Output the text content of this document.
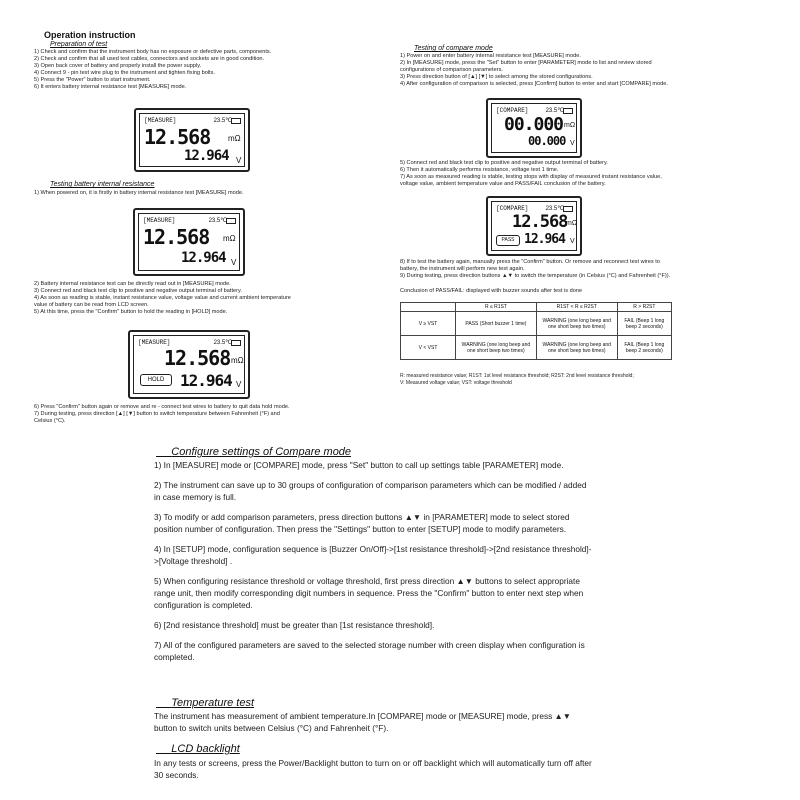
Operation instruction
Preparation of test

1) Check and confirm that the instrument body has no exposure or defective parts, components.

2) Check and confirm that all used test cables, connectors and sockets are in good condition.

3) Open back cover of battery and properly install the power supply.

4) Connect 9 - pin test wire plug to the instrument and tighten fixing bolts.

5) Press the "Power" button to start instrument.

6) It enters battery internal resistance test [MEASURE] mode.

[MEASURE]	23.5℃
12.568 mΩ
12.964 V
Testing battery internal resistance
1) When powered on, it is firstly in battery internal resistance test [MEASURE] mode.
[MEASURE]	23.5℃
12.568 mΩ
12.964 V

2) Battery internal resistance test can be directly read out in [MEASURE] mode.

3) Connect red and black test clip to positive and negative output terminal of battery.

4) As soon as reading is stable, instant resistance value, voltage value and current ambient temperature

value of battery can be read from LCD screen.

5) At this time, press the "Confirm" button to hold the reading in [HOLD] mode.

[MEASURE]	23.5℃
12.568 mΩ
HOLD 12.964 V

6) Press "Confirm" button again or remove and re - connect test wires to battery to quit data hold mode.

7) During testing, press direction [▲] [▼] button to switch temperature between Fahrenheit (°F) and

Celsius (°C).

Testing of compare mode

1) Power on and enter battery internal resistance test [MEASURE] mode.

2) In [MEASURE] mode, press the "Set" button to enter [PARAMETER] mode to list and review stored

configurations of comparison parameters.

3) Press direction button of [▲] [▼] to select among the stored configurations.

4) After configuration of comparison is selected, press [Confirm] button to enter and start [COMPARE] mode.

[COMPARE]	23.5℃
00.000 mΩ
00.000 V

5) Connect red and black test clip to positive and negative output terminal of battery.

6) Then it automatically performs resistance, voltage test 1 time.

7) As soon as measured reading is stable, testing stops with display of measured instant resistance value,

voltage value, ambient temperature value and PASS/FAIL conclusion of the battery.

[COMPARE]	23.5℃
12.568
mΩ
PASS 12.964 V

8) If to test the battery again, manually press the "Confirm" button. Or remove and reconnect test wires to

battery, the instrument will perform new test again.

9) During testing, press direction buttons ▲▼ to switch the temperature (in Celsius (°C) and Fahrenheit (°F)).

Conclusion of PASS/FAIL: displayed with buzzer sounds after test is done
	R ≤ R1ST	R1ST < R ≤ R2ST	R > R2ST
V ≥ VST	PASS (Short buzzer 1 time)	WARNING (one long beep and one short beep two times)	FAIL (Beep 1 long beep 2 seconds)
V < VST	WARNING (one long beep and one short beep two times)	WARNING (one long beep and one short beep two times)	FAIL (Beep 1 long beep 2 seconds)

R: measured resistance value; R1ST: 1st level resistance threshold; R2ST: 2nd level resistance threshold;

V: Measured voltage value; VST: voltage threshold

Configure settings of Compare mode

1) In [MEASURE] mode or [COMPARE] mode, press "Set" button to call up settings table [PARAMETER] mode.

2) The instrument can save up to 30 groups of configuration of comparison parameters which can be modified / added in case memory is full.

3) To modify or add comparison parameters, press direction buttons ▲▼ in [PARAMETER] mode to select stored position number of configuration. Then press the "Settings" button to enter [SETUP] mode to modify parameters.

4) In [SETUP] mode, configuration sequence is [Buzzer On/Off]->[1st resistance threshold]->[2nd resistance threshold]->[Voltage threshold] .

5) When configuring resistance threshold or voltage threshold, first press direction ▲▼ buttons to select appropriate range unit, then modify corresponding digit numbers in sequence. Press the "Confirm" button to enter next step when configuration is completed.

6) [2nd resistance threshold] must be greater than [1st resistance threshold].

7) All of the configured parameters are saved to the selected storage number with creen display when configuration is completed.

Temperature test
The instrument has measurement of ambient temperature.In [COMPARE] mode or [MEASURE] mode, press ▲▼ button to switch units between Celsius (°C) and Fahrenheit (°F).
LCD backlight
In any tests or screens, press the Power/Backlight button to turn on or off backlight which will automatically turn off after 30 seconds.
